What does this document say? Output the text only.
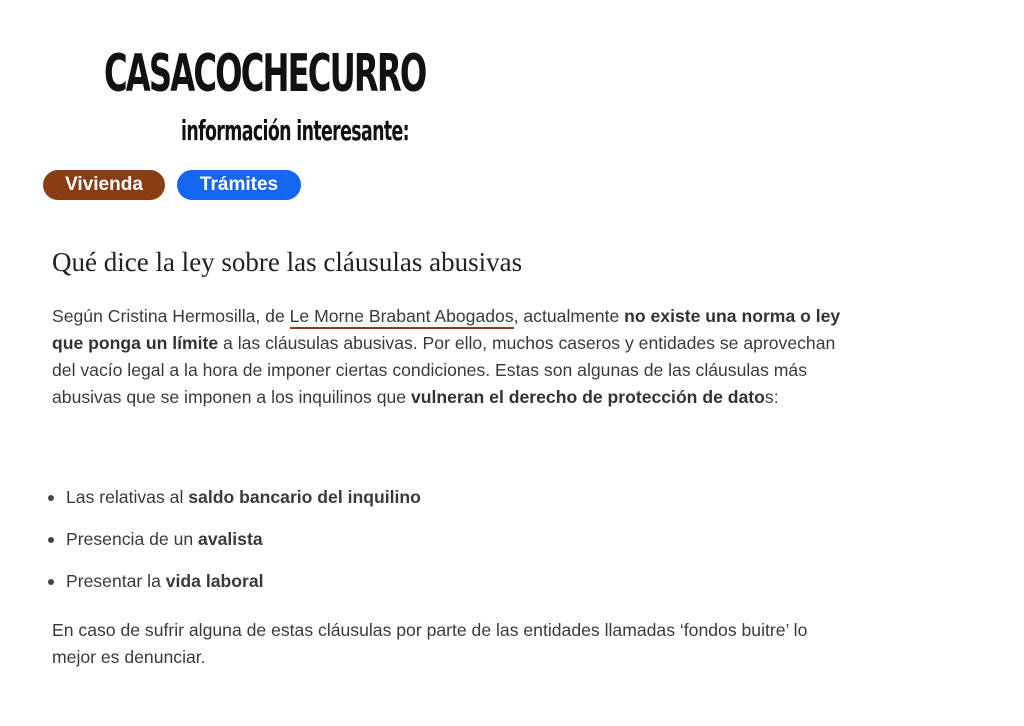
CASACOCHECURRO
información interesante:
Vivienda	Trámites
Qué dice la ley sobre las cláusulas abusivas

Según Cristina Hermosilla, de Le Morne Brabant Abogados, actualmente no existe una norma o ley que ponga un límite a las cláusulas abusivas. Por ello, muchos caseros y entidades se aprovechan del vacío legal a la hora de imponer ciertas condiciones. Estas son algunas de las cláusulas más abusivas que se imponen a los inquilinos que vulneran el derecho de protección de datos:

Las relativas al saldo bancario del inquilino
Presencia de un avalista
Presentar la vida laboral

En caso de sufrir alguna de estas cláusulas por parte de las entidades llamadas ‘fondos buitre’ lo mejor es denunciar.
